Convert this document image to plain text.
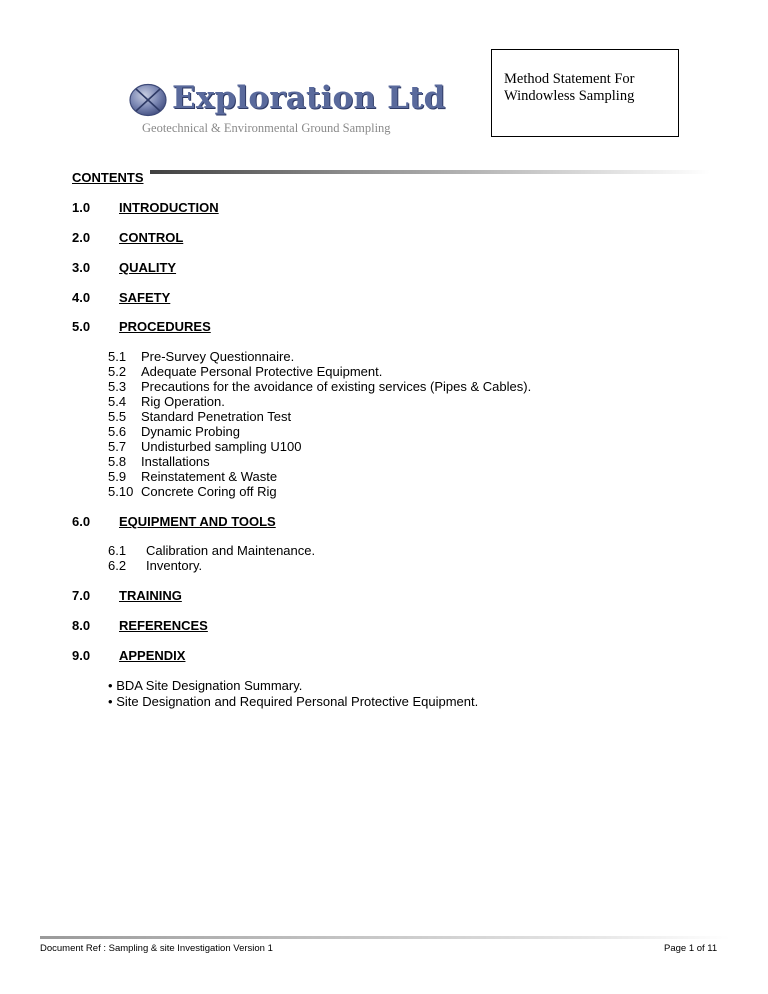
Exploration Ltd
Geotechnical & Environmental Ground Sampling
Method Statement For
Windowless Sampling
CONTENTS
1.0 INTRODUCTION
2.0 CONTROL
3.0 QUALITY
4.0 SAFETY
5.0 PROCEDURES
5.1 Pre-Survey Questionnaire.
5.2 Adequate Personal Protective Equipment.
5.3 Precautions for the avoidance of existing services (Pipes & Cables).
5.4 Rig Operation.
5.5 Standard Penetration Test
5.6 Dynamic Probing
5.7 Undisturbed sampling U100
5.8 Installations
5.9 Reinstatement & Waste
5.10 Concrete Coring off Rig
6.0 EQUIPMENT AND TOOLS
6.1 Calibration and Maintenance.
6.2 Inventory.
7.0 TRAINING
8.0 REFERENCES
9.0 APPENDIX
• BDA Site Designation Summary.
• Site Designation and Required Personal Protective Equipment.
Document Ref : Sampling & site Investigation Version 1	Page 1 of 11
